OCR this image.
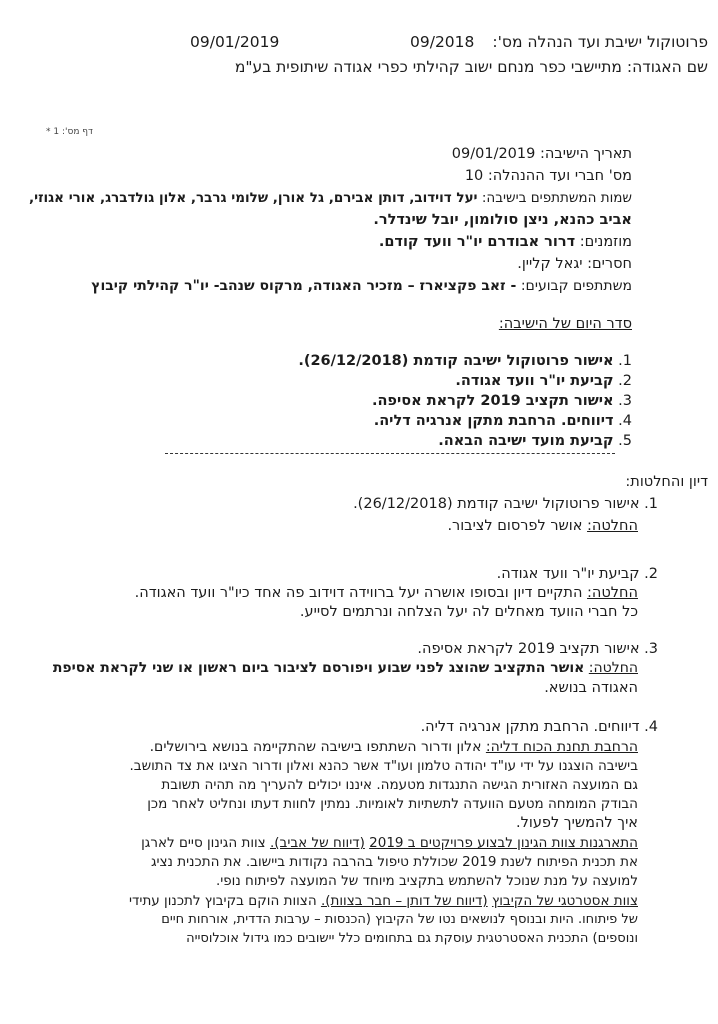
09/01/2019	09/2018 פרוטוקול ישיבת ועד הנהלה מס':
שם האגודה: מתיישבי כפר מנחם ישוב קהילתי כפרי אגודה שיתופית בע"מ
דף מס': 1 *
תאריך הישיבה: 09/01/2019
מס' חברי ועד ההנהלה: 10
שמות המשתתפים בישיבה: יעל דוידוב, דותן אבירם, גל אורן, שלומי גרבר, אלון גולדברג, אורי אגוזי,
אביב כהנא, ניצן סולומון, יובל שינדלר.
מוזמנים: דרור אבודרם יו"ר וועד קודם.
חסרים: יגאל קליין.
משתתפים קבועים: - זאב פקציארז – מזכיר האגודה, מרקוס שנהב- יו"ר קהילתי קיבוץ
סדר היום של הישיבה:
1. אישור פרוטוקול ישיבה קודמת (26/12/2018).
2. קביעת יו"ר וועד אגודה.
3. אישור תקציב 2019 לקראת אסיפה.
4. דיווחים. הרחבת מתקן אנרגיה דליה.
5. קביעת מועד ישיבה הבאה.
דיון והחלטות:
1. אישור פרוטוקול ישיבה קודמת (26/12/2018).
החלטה: אושר לפרסום לציבור.
2. קביעת יו"ר וועד אגודה.
החלטה: התקיים דיון ובסופו אושרה יעל ברווידה דוידוב פה אחד כיו"ר וועד האגודה.
כל חברי הוועד מאחלים לה יעל הצלחה ונרתמים לסייע.
3. אישור תקציב 2019 לקראת אסיפה.
החלטה: אושר התקציב שהוצג לפני שבוע ויפורסם לציבור ביום ראשון או שני לקראת אסיפת
האגודה בנושא.
4. דיווחים. הרחבת מתקן אנרגיה דליה.
הרחבת תחנת הכוח דליה: אלון ודרור השתתפו בישיבה שהתקיימה בנושא בירושלים.
בישיבה הוצגנו על ידי עו"ד יהודה טלמון ועו"ד אשר כהנא ואלון ודרור הציגו את צד התושב.
גם המועצה האזורית הגישה התנגדות מטעמה. איננו יכולים להעריך מה תהיה תשובת
הבודק המומחה מטעם הוועדה לתשתיות לאומיות. נמתין לחוות דעתו ונחליט לאחר מכן
איך להמשיך לפעול.
התארגנות צוות הגינון לבצוע פרויקטים ב 2019 (דיווח של אביב). צוות הגינון סיים לארגן
את תכנית הפיתוח לשנת 2019 שכוללת טיפול בהרבה נקודות ביישוב. את התכנית נציג
למועצה על מנת שנוכל להשתמש בתקציב מיוחד של המועצה לפיתוח נופי.
צוות אסטרטגי של הקיבוץ (דיווח של דותן – חבר בצוות). הצוות הוקם בקיבוץ לתכנון עתידי
של פיתוחו. היות ובנוסף לנושאים נטו של הקיבוץ (הכנסות – ערבות הדדית, אורחות חיים
ונוספים) התכנית האסטרטגית עוסקת גם בתחומים כלל יישובים כמו גידול אוכלוסייה
